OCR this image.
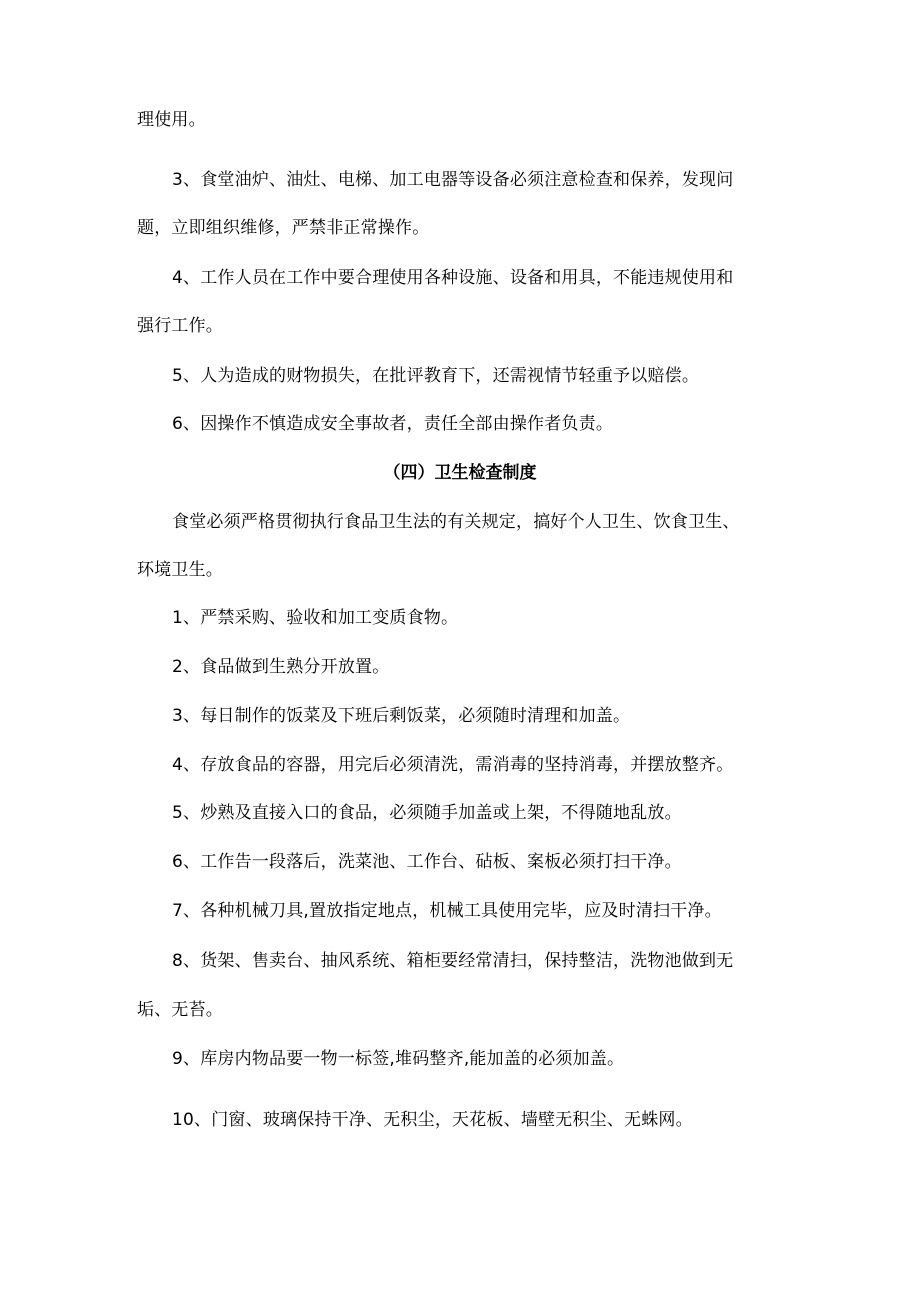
理使用。
3、食堂油炉、油灶、电梯、加工电器等设备必须注意检查和保养，发现问
题，立即组织维修，严禁非正常操作。
4、工作人员在工作中要合理使用各种设施、设备和用具，不能违规使用和
强行工作。
5、人为造成的财物损失，在批评教育下，还需视情节轻重予以赔偿。
6、因操作不慎造成安全事故者，责任全部由操作者负责。
（四）卫生检查制度
食堂必须严格贯彻执行食品卫生法的有关规定，搞好个人卫生、饮食卫生、
环境卫生。
1、严禁采购、验收和加工变质食物。
2、食品做到生熟分开放置。
3、每日制作的饭菜及下班后剩饭菜，必须随时清理和加盖。
4、存放食品的容器，用完后必须清洗，需消毒的坚持消毒，并摆放整齐。
5、炒熟及直接入口的食品，必须随手加盖或上架，不得随地乱放。
6、工作告一段落后，洗菜池、工作台、砧板、案板必须打扫干净。
7、各种机械刀具,置放指定地点，机械工具使用完毕，应及时清扫干净。
8、货架、售卖台、抽风系统、箱柜要经常清扫，保持整洁，洗物池做到无
垢、无苔。
9、库房内物品要一物一标签,堆码整齐,能加盖的必须加盖。
10、门窗、玻璃保持干净、无积尘，天花板、墙壁无积尘、无蛛网。
